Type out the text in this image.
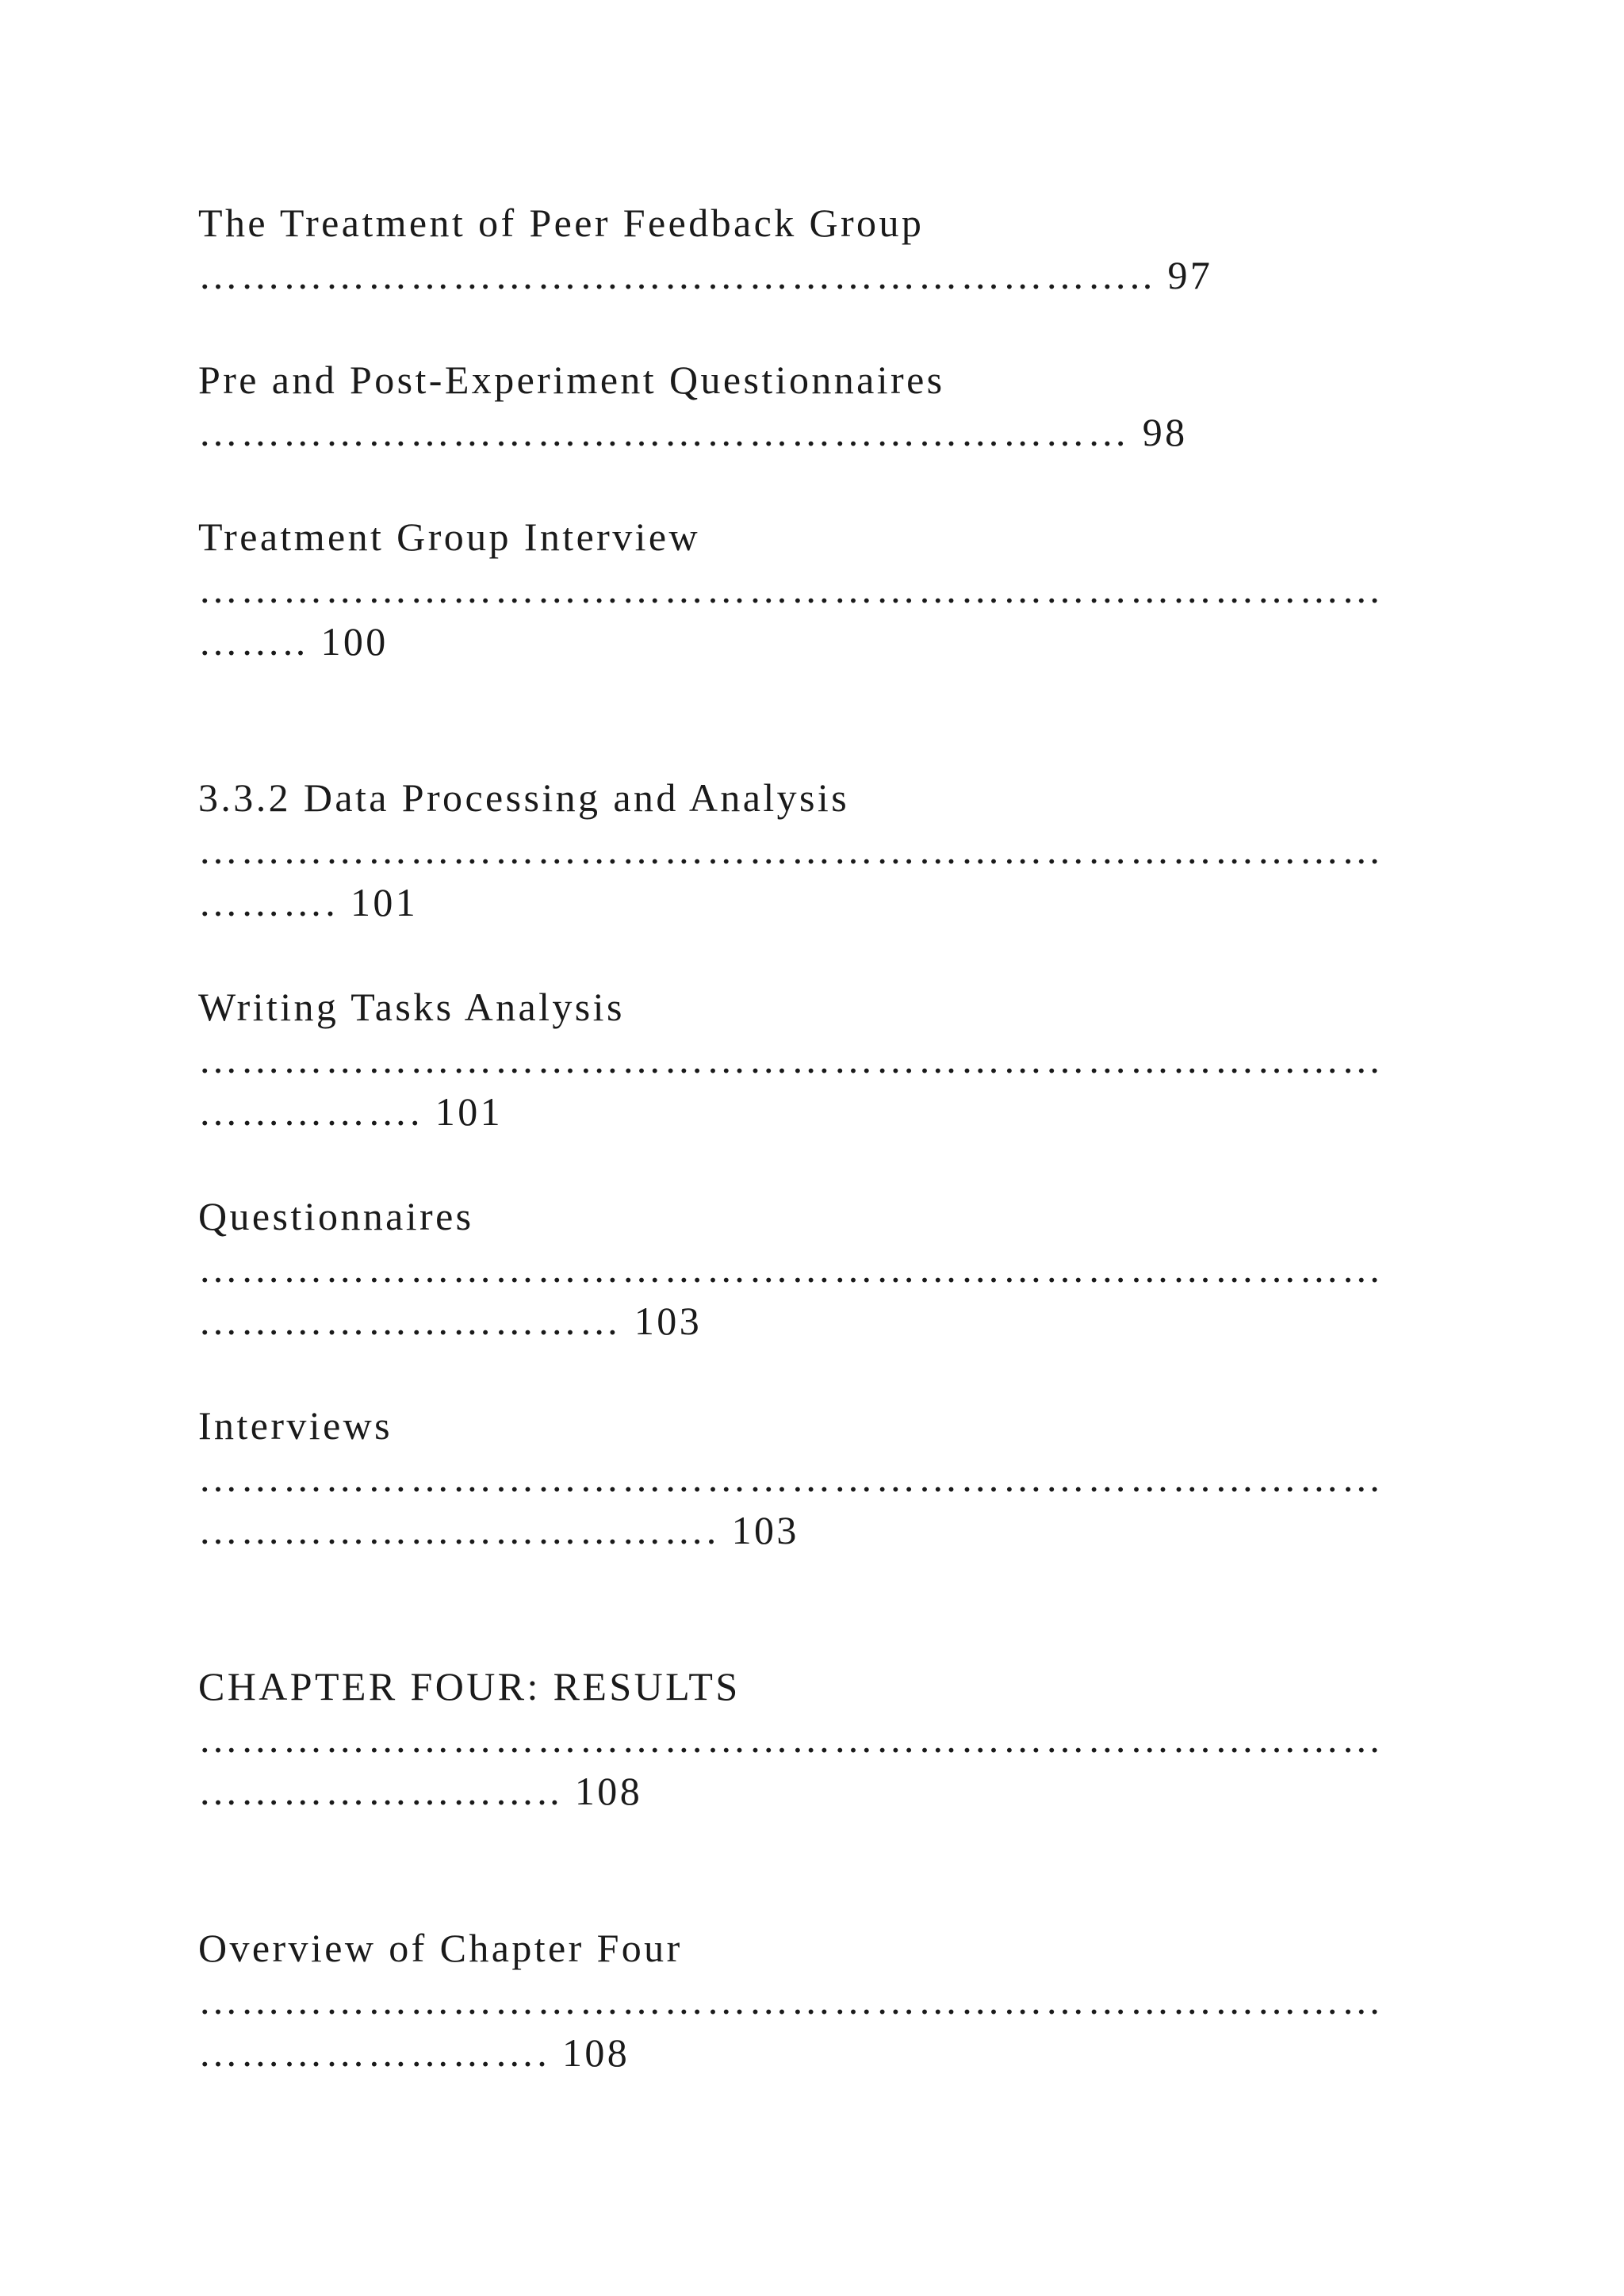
The Treatment of Peer Feedback Group
………………………………………………………….. 97
Pre and Post-Experiment Questionnaires
………………………………………………………… 98
Treatment Group Interview
…………………………………………………………………………
…….. 100
3.3.2 Data Processing and Analysis
…………………………………………………………………………
………. 101
Writing Tasks Analysis
…………………………………………………………………………
……………. 101
Questionnaires
…………………………………………………………………………
………………………… 103
Interviews
…………………………………………………………………………
………………………………. 103
CHAPTER FOUR: RESULTS
…………………………………………………………………………
…………………….. 108
Overview of Chapter Four
…………………………………………………………………………
……………………. 108
